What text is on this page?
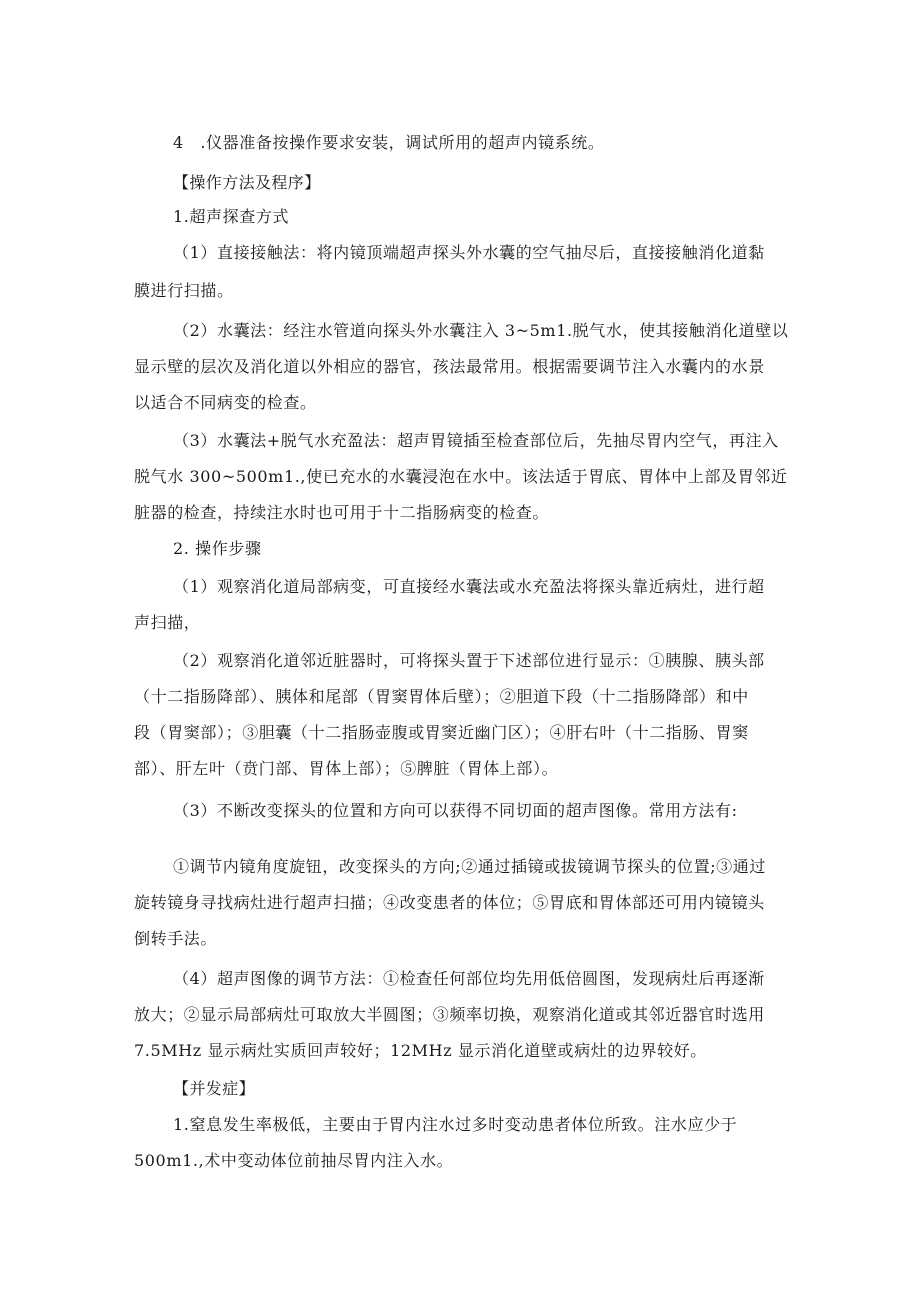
4　.仪器准备按操作要求安装，调试所用的超声内镜系统。
【操作方法及程序】
1.超声探查方式
（1）直接接触法：将内镜顶端超声探头外水囊的空气抽尽后，直接接触消化道黏
膜进行扫描。
（2）水囊法：经注水管道向探头外水囊注入 3~5m1.脱气水，使其接触消化道壁以
显示壁的层次及消化道以外相应的器官，孩法最常用。根据需要调节注入水囊内的水景
以适合不同病变的检查。
（3）水囊法+脱气水充盈法：超声胃镜插至检查部位后，先抽尽胃内空气，再注入
脱气水 300~500m1.,使已充水的水囊浸泡在水中。该法适于胃底、胃体中上部及胃邻近
脏器的检查，持续注水时也可用于十二指肠病变的检查。
2. 操作步骤
（1）观察消化道局部病变，可直接经水囊法或水充盈法将探头靠近病灶，进行超
声扫描，
（2）观察消化道邻近脏器时，可将探头置于下述部位进行显示：①胰腺、胰头部
（十二指肠降部）、胰体和尾部（胃窦胃体后壁）；②胆道下段（十二指肠降部）和中
段（胃窦部）；③胆囊（十二指肠壶腹或胃窦近幽门区）；④肝右叶（十二指肠、胃窦
部）、肝左叶（贲门部、胃体上部）；⑤脾脏（胃体上部）。
（3）不断改变探头的位置和方向可以获得不同切面的超声图像。常用方法有:
①调节内镜角度旋钮，改变探头的方向;②通过插镜或拔镜调节探头的位置;③通过
旋转镜身寻找病灶进行超声扫描；④改变患者的体位；⑤胃底和胃体部还可用内镜镜头
倒转手法。
（4）超声图像的调节方法：①检查任何部位均先用低倍圆图，发现病灶后再逐渐
放大；②显示局部病灶可取放大半圆图；③频率切换，观察消化道或其邻近器官时选用
7.5MHz 显示病灶实质回声较好；12MHz 显示消化道壁或病灶的边界较好。
【并发症】
1.窒息发生率极低，主要由于胃内注水过多时变动患者体位所致。注水应少于
500m1.,术中变动体位前抽尽胃内注入水。
